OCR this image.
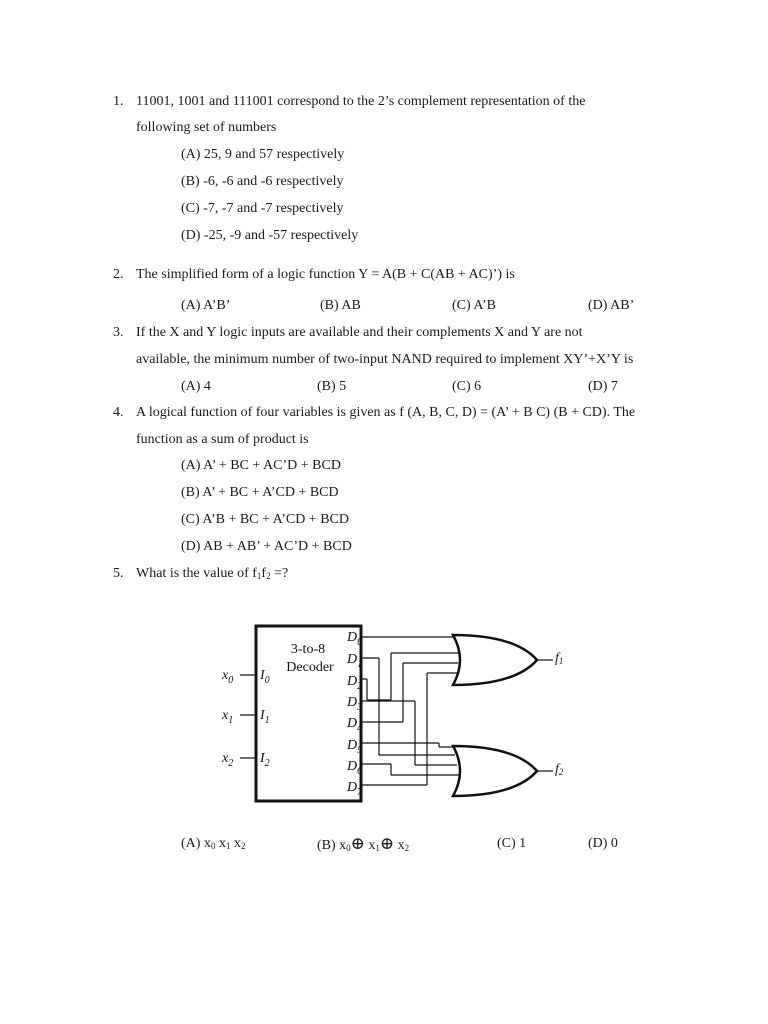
1. 11001, 1001 and 111001 correspond to the 2’s complement representation of the
following set of numbers
(A) 25, 9 and 57 respectively
(B) -6, -6 and -6 respectively
(C) -7, -7 and -7 respectively
(D) -25, -9 and -57 respectively
2. The simplified form of a logic function Y = A(B + C(AB + AC)’) is
(A) A’B’	(B) AB	(C) A’B	(D) AB’
3. If the X and Y logic inputs are available and their complements X and Y are not
available, the minimum number of two-input NAND required to implement XY’+X’Y is
(A) 4	(B) 5	(C) 6	(D) 7
4. A logical function of four variables is given as f (A, B, C, D) = (A’ + B C) (B + CD). The
function as a sum of product is
(A) A’ + BC + AC’D + BCD
(B) A’ + BC + A’CD + BCD
(C) A’B + BC + A’CD + BCD
(D) AB + AB’ + AC’D + BCD
5. What is the value of $f_1f_2$ =?
3-to-8
Decoder
$x_0$ $I_0$
$x_1$ $I_1$
$x_2$ $I_2$
$D_0$
$D_1$
$D_2$
$D_3$
$D_4$
$D_5$
$D_6$
$D_7$
$f_1$
$f_2$
(A) $x_0$ $x_1$ $x_2$	(B) $x_0\oplus$ $x_1\oplus$ $x_2$	(C) 1	(D) 0
